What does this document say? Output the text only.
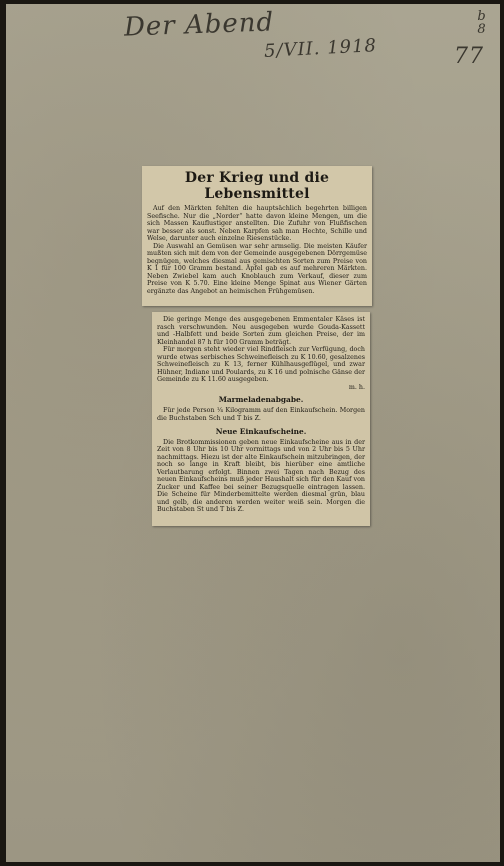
Der Abend
5/VII. 1918
b
8
77
Der Krieg und die Lebensmittel

Auf den Märkten fehlten die hauptsächlich begehrten billigen Seefische. Nur die „Norder“ hatte davon kleine Mengen, um die sich Massen Kauflustiger anstellten. Die Zufuhr von Flußfischen war besser als sonst. Neben Karpfen sah man Hechte, Schille und Welse, darunter auch einzelne Riesenstücke.

Die Auswahl an Gemüsen war sehr armselig. Die meisten Käufer mußten sich mit dem von der Gemeinde ausgegebenen Dörrgemüse begnügen, welches diesmal aus gemischten Sorten zum Preise von K 1 für 100 Gramm bestand. Äpfel gab es auf mehreren Märkten. Neben Zwiebel kam auch Knoblauch zum Verkauf, dieser zum Preise von K 5.70. Eine kleine Menge Spinat aus Wiener Gärten ergänzte das Angebot an heimischen Frühgemüsen.

Die geringe Menge des ausgegebenen Emmentaler Käses ist rasch verschwunden. Neu ausgegeben wurde Gouda-Kassett und -Halbfett und beide Sorten zum gleichen Preise, der im Kleinhandel 87 h für 100 Gramm beträgt.

Für morgen steht wieder viel Rindfleisch zur Verfügung, doch wurde etwas serbisches Schweinefleisch zu K 10.60, gesalzenes Schweinefleisch zu K 13, ferner Kühlhausgeflügel, und zwar Hühner, Indiane und Poulards, zu K 16 und polnische Gänse der Gemeinde zu K 11.60 ausgegeben.

m. h.

Marmeladenabgabe.

Für jede Person ¼ Kilogramm auf den Einkaufschein. Morgen die Buchstaben Sch und T bis Z.

Neue Einkaufscheine.

Die Brotkommissionen geben neue Einkaufscheine aus in der Zeit von 8 Uhr bis 10 Uhr vormittags und von 2 Uhr bis 5 Uhr nachmittags. Hiezu ist der alte Einkaufschein mitzubringen, der noch so lange in Kraft bleibt, bis hierüber eine amtliche Verlautbarung erfolgt. Binnen zwei Tagen nach Bezug des neuen Einkaufscheins muß jeder Haushalt sich für den Kauf von Zucker und Kaffee bei seiner Bezugsquelle eintragen lassen. Die Scheine für Minderbemittelte werden diesmal grün, blau und gelb, die anderen werden weiter weiß sein. Morgen die Buchstaben St und T bis Z.
